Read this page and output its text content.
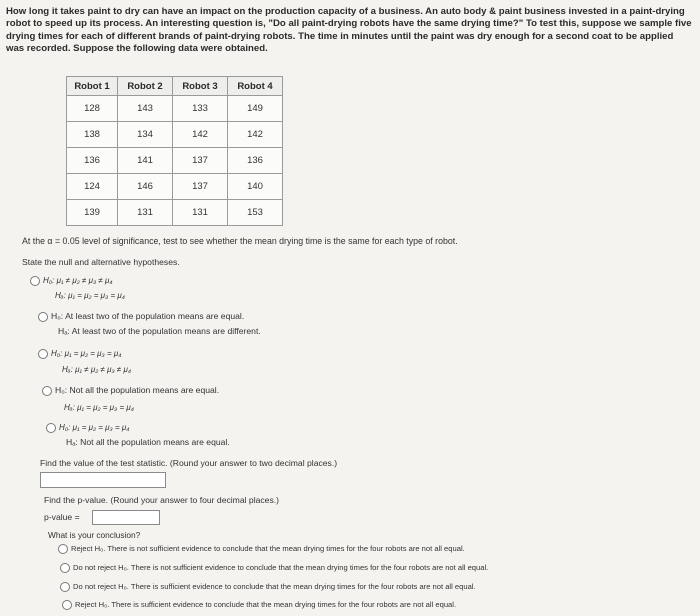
How long it takes paint to dry can have an impact on the production capacity of a business. An auto body & paint business invested in a paint-drying robot to speed up its process. An interesting question is, "Do all paint-drying robots have the same drying time?" To test this, suppose we sample five drying times for each of different brands of paint-drying robots. The time in minutes until the paint was dry enough for a second coat to be applied was recorded. Suppose the following data were obtained.
Robot 1	Robot 2	Robot 3	Robot 4
128	143	133	149
138	134	142	142
136	141	137	136
124	146	137	140
139	131	131	153
At the α = 0.05 level of significance, test to see whether the mean drying time is the same for each type of robot.
State the null and alternative hypotheses.
H₀: μ₁ ≠ μ₂ ≠ μ₃ ≠ μ₄
Hₐ: μ₁ = μ₂ = μ₃ = μ₄
H₀: At least two of the population means are equal.
Hₐ: At least two of the population means are different.
H₀: μ₁ = μ₂ = μ₃ = μ₄
Hₐ: μ₁ ≠ μ₂ ≠ μ₃ ≠ μ₄
H₀: Not all the population means are equal.
Hₐ: μ₁ = μ₂ = μ₃ = μ₄
H₀: μ₁ = μ₂ = μ₃ = μ₄
Hₐ: Not all the population means are equal.
Find the value of the test statistic. (Round your answer to two decimal places.)
Find the p-value. (Round your answer to four decimal places.)
p-value =
What is your conclusion?
Reject H₀. There is not sufficient evidence to conclude that the mean drying times for the four robots are not all equal.
Do not reject H₀. There is not sufficient evidence to conclude that the mean drying times for the four robots are not all equal.
Do not reject H₀. There is sufficient evidence to conclude that the mean drying times for the four robots are not all equal.
Reject H₀. There is sufficient evidence to conclude that the mean drying times for the four robots are not all equal.
